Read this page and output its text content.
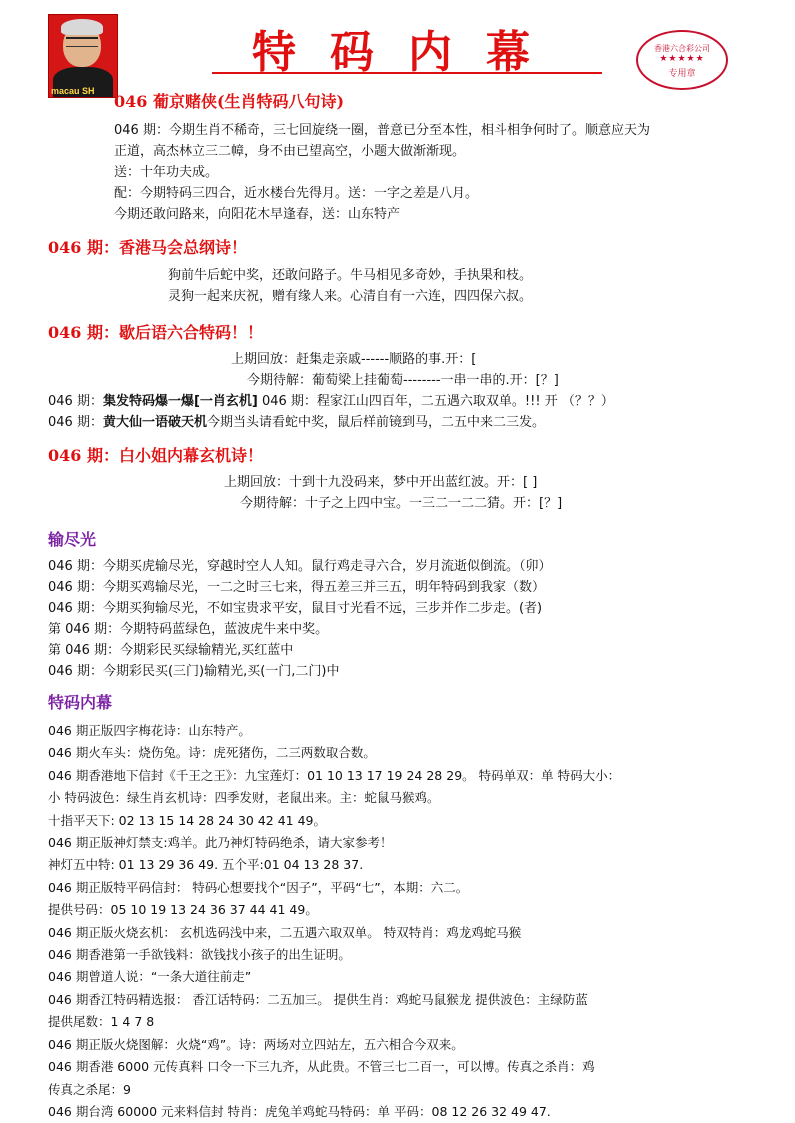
macau SH
特码内幕	香港六合彩公司
★★★★★
专用章
046 葡京赌侠(生肖特码八句诗)
046 期：今期生肖不稀奇，三七回旋绕一圈，普意已分至本性，相斗相争何时了。顺意应天为
正道，高杰林立三二幛，身不由已望高空，小题大做渐渐现。
送：十年功夫成。
配：今期特码三四合，近水楼台先得月。送：一字之差是八月。
今期还敢问路来，向阳花木早逢春，送：山东特产
046 期：香港马会总纲诗！
狗前牛后蛇中奖，还敢问路子。牛马相见多奇妙，手执果和枝。
灵狗一起来庆祝，赠有缘人来。心清自有一六连，四四保六叔。
046 期：歇后语六合特码！！
上期回放：赶集走亲戚------顺路的事.开：[
今期待解：葡萄梁上挂葡萄--------一串一串的.开：[？]
046 期：集发特码爆一爆[一肖玄机] 046 期：程家江山四百年，二五遇六取双单。!!! 开 （？？）
046 期：黄大仙一语破天机今期当头请看蛇中奖，鼠后样前镜到马，二五中来二三发。
046 期：白小姐内幕玄机诗！
上期回放：十到十九没码来，梦中开出蓝红波。开：[ ]
今期待解：十子之上四中宝。一三二一二二猜。开：[？]
输尽光
046 期：今期买虎输尽光，穿越时空人人知。鼠行鸡走寻六合，岁月流逝似倒流。（卯）
046 期：今期买鸡输尽光，一二之时三七来，得五差三并三五，明年特码到我家（数）
046 期：今期买狗输尽光，不如宝贵求平安，鼠目寸光看不远，三步并作二步走。(者)
第 046 期：今期特码蓝绿色，蓝波虎牛来中奖。
第 046 期：今期彩民买绿输精光,买红蓝中
046 期：今期彩民买(三门)输精光,买(一门,二门)中
特码内幕
046 期正版四字梅花诗：山东特产。
046 期火车头：烧伤兔。诗：虎死猪伤，二三两数取合数。
046 期香港地下信封《千王之王》：九宝莲灯：01 10 13 17 19 24 28 29。 特码单双：单 特码大小：
小 特码波色：绿生肖玄机诗：四季发财，老鼠出来。主：蛇鼠马猴鸡。
十指平天下: 02 13 15 14 28 24 30 42 41 49。
046 期正版神灯禁支:鸡羊。此乃神灯特码绝杀，请大家参考！
神灯五中特: 01 13 29 36 49. 五个平:01 04 13 28 37.
046 期正版特平码信封： 特码心想要找个“因子”，平码“七”，本期：六二。
提供号码：05 10 19 13 24 36 37 44 41 49。
046 期正版火烧玄机： 玄机选码浅中来，二五遇六取双单。 特双特肖：鸡龙鸡蛇马猴
046 期香港第一手欲钱料：欲钱找小孩子的出生证明。
046 期曾道人说：“一条大道往前走”
046 期香江特码精选报： 香江话特码：二五加三。 提供生肖：鸡蛇马鼠猴龙 提供波色：主绿防蓝
提供尾数：1 4 7 8
046 期正版火烧图解：火烧“鸡”。诗：两场对立四站左，五六相合今双来。
046 期香港 6000 元传真料 口令一下三九齐，从此贵。不管三七二百一，可以博。传真之杀肖：鸡
传真之杀尾：9
046 期台湾 60000 元来料信封 特肖：虎兔羊鸡蛇马特码：单 平码：08 12 26 32 49 47.
